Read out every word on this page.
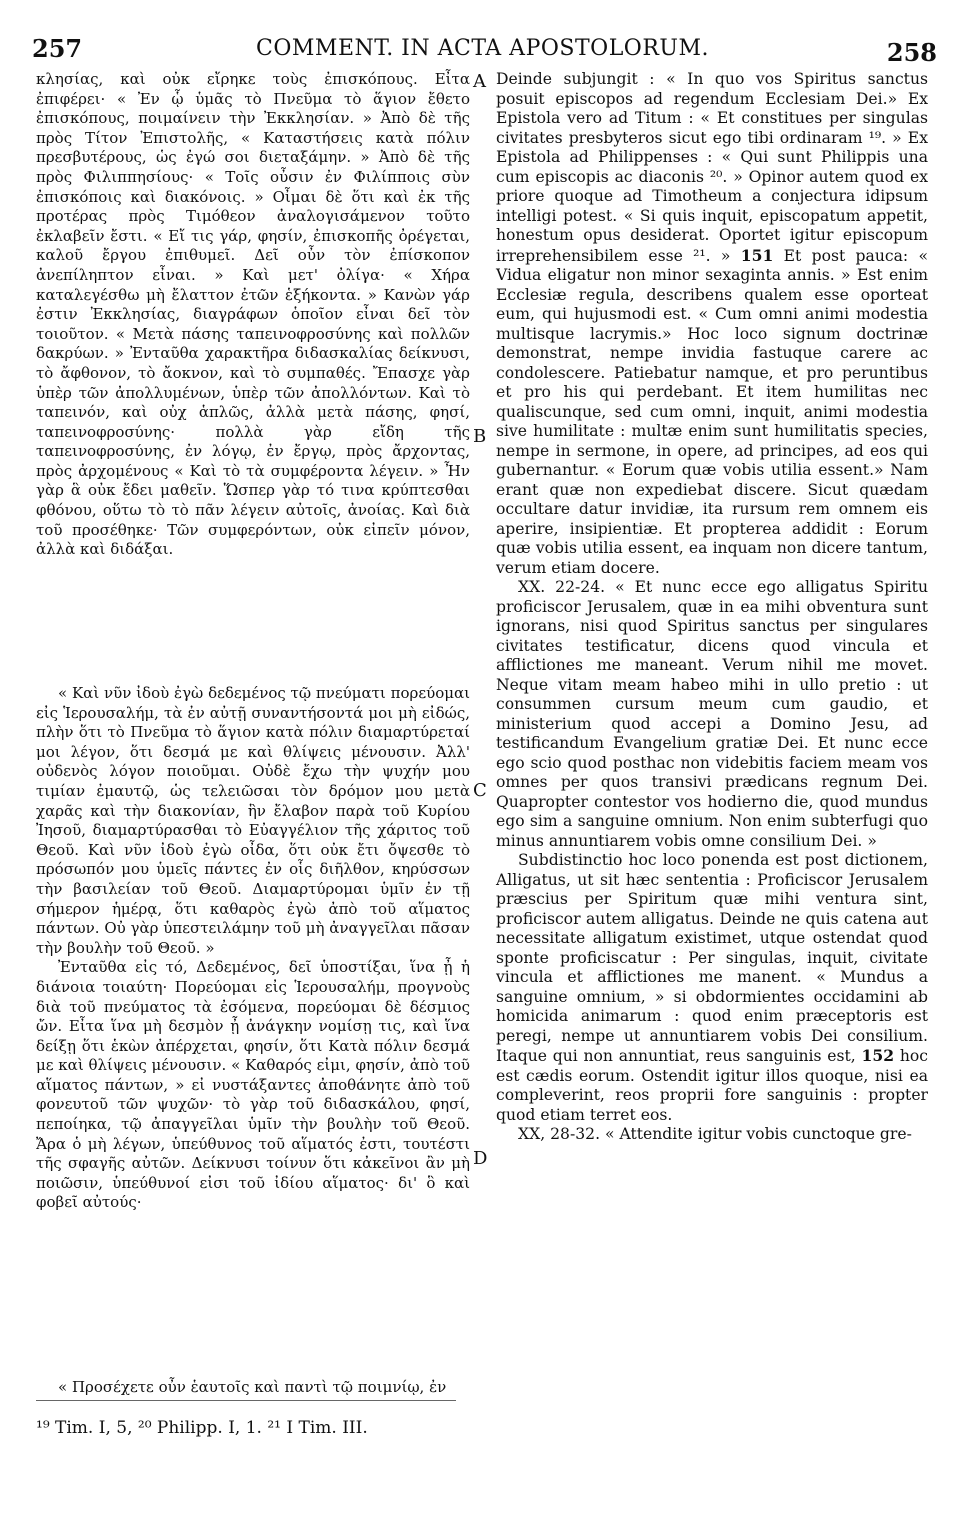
257	COMMENT. IN ACTA APOSTOLORUM.	258

κλησίας, καὶ οὐκ εἴρηκε τοὺς ἐπισκόπους. Εἶτα ἐπιφέρει· « Ἐν ᾧ ὑμᾶς τὸ Πνεῦμα τὸ ἅγιον ἔθετο ἐπισκόπους, ποιμαίνειν τὴν Ἐκκλησίαν. » Ἀπὸ δὲ τῆς πρὸς Τίτον Ἐπιστολῆς, « Καταστήσεις κατὰ πόλιν πρεσβυτέρους, ὡς ἐγώ σοι διεταξάμην. » Ἀπὸ δὲ τῆς πρὸς Φιλιππησίους· « Τοῖς οὖσιν ἐν Φιλίπποις σὺν ἐπισκόποις καὶ διακόνοις. » Οἶμαι δὲ ὅτι καὶ ἐκ τῆς προτέρας πρὸς Τιμόθεον ἀναλογισάμενον τοῦτο ἐκλαβεῖν ἔστι. « Εἴ τις γάρ, φησίν, ἐπισκοπῆς ὀρέγεται, καλοῦ ἔργου ἐπιθυμεῖ. Δεῖ οὖν τὸν ἐπίσκοπον ἀνεπίληπτον εἶναι. » Καὶ μετ' ὀλίγα· « Χήρα καταλεγέσθω μὴ ἔλαττον ἐτῶν ἑξήκοντα. » Κανὼν γάρ ἐστιν Ἐκκλησίας, διαγράφων ὁποῖον εἶναι δεῖ τὸν τοιοῦτον. « Μετὰ πάσης ταπεινοφροσύνης καὶ πολλῶν δακρύων. » Ἐνταῦθα χαρακτῆρα διδασκαλίας δείκνυσι, τὸ ἄφθονον, τὸ ἄοκνον, καὶ τὸ συμπαθές. Ἔπασχε γὰρ ὑπὲρ τῶν ἀπολλυμένων, ὑπὲρ τῶν ἀπολλόντων. Καὶ τὸ ταπεινόν, καὶ οὐχ ἁπλῶς, ἀλλὰ μετὰ πάσης, φησί, ταπεινοφροσύνης· πολλὰ γὰρ εἴδη τῆς ταπεινοφροσύνης, ἐν λόγῳ, ἐν ἔργῳ, πρὸς ἄρχοντας, πρὸς ἀρχομένους « Καὶ τὸ τὰ συμφέροντα λέγειν. » Ἦν γὰρ ἃ οὐκ ἔδει μαθεῖν. Ὥσπερ γὰρ τό τινα κρύπτεσθαι φθόνου, οὕτω τὸ τὸ πᾶν λέγειν αὐτοῖς, ἀνοίας. Καὶ διὰ τοῦ προσέθηκε· Τῶν συμφερόντων, οὐκ εἰπεῖν μόνον, ἀλλὰ καὶ διδάξαι.

« Καὶ νῦν ἰδοὺ ἐγὼ δεδεμένος τῷ πνεύματι πορεύομαι εἰς Ἱερουσαλήμ, τὰ ἐν αὐτῇ συναντήσοντά μοι μὴ εἰδώς, πλὴν ὅτι τὸ Πνεῦμα τὸ ἅγιον κατὰ πόλιν διαμαρτύρεταί μοι λέγον, ὅτι δεσμά με καὶ θλίψεις μένουσιν. Ἀλλ' οὐδενὸς λόγον ποιοῦμαι. Οὐδὲ ἔχω τὴν ψυχήν μου τιμίαν ἐμαυτῷ, ὡς τελειῶσαι τὸν δρόμον μου μετὰ χαρᾶς καὶ τὴν διακονίαν, ἣν ἔλαβον παρὰ τοῦ Κυρίου Ἰησοῦ, διαμαρτύρασθαι τὸ Εὐαγγέλιον τῆς χάριτος τοῦ Θεοῦ. Καὶ νῦν ἰδοὺ ἐγὼ οἶδα, ὅτι οὐκ ἔτι ὄψεσθε τὸ πρόσωπόν μου ὑμεῖς πάντες ἐν οἷς διῆλθον, κηρύσσων τὴν βασιλείαν τοῦ Θεοῦ. Διαμαρτύρομαι ὑμῖν ἐν τῇ σήμερον ἡμέρᾳ, ὅτι καθαρὸς ἐγὼ ἀπὸ τοῦ αἵματος πάντων. Οὐ γὰρ ὑπεστειλάμην τοῦ μὴ ἀναγγεῖλαι πᾶσαν τὴν βουλὴν τοῦ Θεοῦ. »

Ἐνταῦθα εἰς τό, Δεδεμένος, δεῖ ὑποστίξαι, ἵνα ᾖ ἡ διάνοια τοιαύτη· Πορεύομαι εἰς Ἱερουσαλήμ, προγνοὺς διὰ τοῦ πνεύματος τὰ ἐσόμενα, πορεύομαι δὲ δέσμιος ὤν. Εἶτα ἵνα μὴ δεσμὸν ᾖ ἀνάγκην νομίσῃ τις, καὶ ἵνα δείξῃ ὅτι ἑκὼν ἀπέρχεται, φησίν, ὅτι Κατὰ πόλιν δεσμά με καὶ θλίψεις μένουσιν. « Καθαρός εἰμι, φησίν, ἀπὸ τοῦ αἵματος πάντων, » εἰ νυστάξαντες ἀποθάνητε ἀπὸ τοῦ φονευτοῦ τῶν ψυχῶν· τὸ γὰρ τοῦ διδασκάλου, φησί, πεποίηκα, τῷ ἀπαγγεῖλαι ὑμῖν τὴν βουλὴν τοῦ Θεοῦ. Ἄρα ὁ μὴ λέγων, ὑπεύθυνος τοῦ αἵματός ἐστι, τουτέστι τῆς σφαγῆς αὐτῶν. Δείκνυσι τοίνυν ὅτι κἀκεῖνοι ἂν μὴ ποιῶσιν, ὑπεύθυνοί εἰσι τοῦ ἰδίου αἵματος· δι' ὃ καὶ φοβεῖ αὐτούς·

« Προσέχετε οὖν ἑαυτοῖς καὶ παντὶ τῷ ποιμνίῳ, ἐν

A
B
C
D

Deinde subjungit : « In quo vos Spiritus sanctus posuit episcopos ad regendum Ecclesiam Dei.» Ex Epistola vero ad Titum : « Et constitues per singulas civitates presbyteros sicut ego tibi ordinaram ¹⁹. » Ex Epistola ad Philippenses : « Qui sunt Philippis una cum episcopis ac diaconis ²⁰. » Opinor autem quod ex priore quoque ad Timotheum a conjectura idipsum intelligi potest. « Si quis inquit, episcopatum appetit, honestum opus desiderat. Oportet igitur episcopum irreprehensibilem esse ²¹. » 151 Et post pauca: « Vidua eligatur non minor sexaginta annis. » Est enim Ecclesiæ regula, describens qualem esse oporteat eum, qui hujusmodi est. « Cum omni animi modestia multisque lacrymis.» Hoc loco signum doctrinæ demonstrat, nempe invidia fastuque carere ac condolescere. Patiebatur namque, et pro peruntibus et pro his qui perdebant. Et item humilitas nec qualiscunque, sed cum omni, inquit, animi modestia sive humilitate : multæ enim sunt humilitatis species, nempe in sermone, in opere, ad principes, ad eos qui gubernantur. « Eorum quæ vobis utilia essent.» Nam erant quæ non expediebat discere. Sicut quædam occultare datur invidiæ, ita rursum rem omnem eis aperire, insipientiæ. Et propterea addidit : Eorum quæ vobis utilia essent, ea inquam non dicere tantum, verum etiam docere.

XX. 22-24. « Et nunc ecce ego alligatus Spiritu proficiscor Jerusalem, quæ in ea mihi obventura sunt ignorans, nisi quod Spiritus sanctus per singulares civitates testificatur, dicens quod vincula et afflictiones me maneant. Verum nihil me movet. Neque vitam meam habeo mihi in ullo pretio : ut consummen cursum meum cum gaudio, et ministerium quod accepi a Domino Jesu, ad testificandum Evangelium gratiæ Dei. Et nunc ecce ego scio quod posthac non videbitis faciem meam vos omnes per quos transivi prædicans regnum Dei. Quapropter contestor vos hodierno die, quod mundus ego sim a sanguine omnium. Non enim subterfugi quo minus annuntiarem vobis omne consilium Dei. »

Subdistinctio hoc loco ponenda est post dictionem, Alligatus, ut sit hæc sententia : Proficiscor Jerusalem præscius per Spiritum quæ mihi ventura sint, proficiscor autem alligatus. Deinde ne quis catena aut necessitate alligatum existimet, utque ostendat quod sponte proficiscatur : Per singulas, inquit, civitate vincula et afflictiones me manent. « Mundus a sanguine omnium, » si obdormientes occidamini ab homicida animarum : quod enim præceptoris est peregi, nempe ut annuntiarem vobis Dei consilium. Itaque qui non annuntiat, reus sanguinis est, 152 hoc est cædis eorum. Ostendit igitur illos quoque, nisi ea compleverint, reos proprii fore sanguinis : propter quod etiam terret eos.

XX, 28-32. « Attendite igitur vobis cunctoque gre-

¹⁹ Tim. I, 5, ²⁰ Philipp. I, 1. ²¹ I Tim. III.
